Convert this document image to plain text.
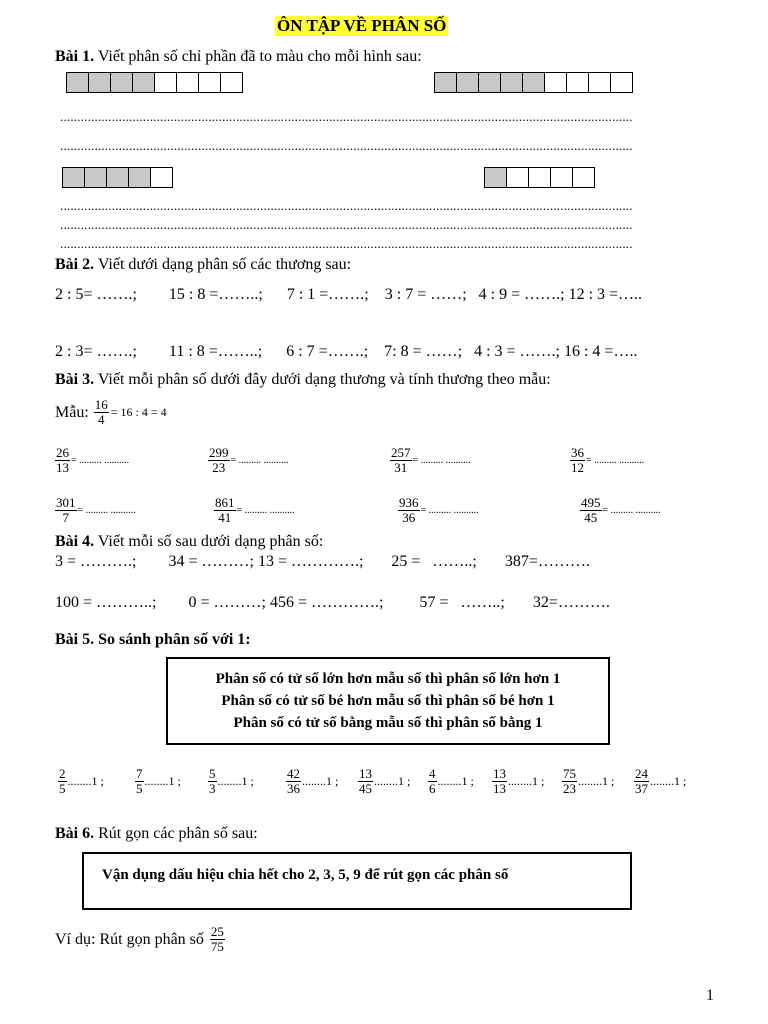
ÔN TẬP VỀ PHÂN SỐ
Bài 1. Viết phân số chỉ phần đã to màu cho mỗi hình sau:
......................................................................................................................................................................
......................................................................................................................................................................
......................................................................................................................................................................
......................................................................................................................................................................
......................................................................................................................................................................
Bài 2. Viết dưới dạng phân số các thương sau:
2 : 5= …….;        15 : 8 =……..;      7 : 1 =…….;    3 : 7 = ……;   4 : 9 = …….; 12 : 3 =…..
2 : 3= …….;        11 : 8 =……..;      6 : 7 =…….;    7: 8 = ……;   4 : 3 = …….; 16 : 4 =…..
Bài 3. Viết mỗi phân số dưới đây dưới dạng thương và tính thương theo mẫu:
Mẫu: $\frac{16}{4} = 16$ : 4 = 4
$\frac{26}{13}$ = ......... ..........	$\frac{299}{23}$ = ......... ..........	$\frac{257}{31}$ = ......... ..........	$\frac{36}{12}$ = ......... ..........
$\frac{301}{7}$ = ......... ..........	$\frac{861}{41}$ = ......... ..........	$\frac{936}{36}$ = ......... ..........	$\frac{495}{45}$ = ......... ..........
Bài 4. Viết mỗi số sau dưới dạng phân số:
3 = ……….;        34 = ………; 13 = ………….;       25 =   ……..;       387=……….
100 = ………..;        0 = ………; 456 = ………….;         57 =   ……..;       32=……….
Bài 5. So sánh phân số với 1:
Phân số có tử số lớn hơn mẫu số thì phân số lớn hơn 1
Phân số có tử số bé hơn mẫu số thì phân số bé hơn 1
Phân số có tử số bằng mẫu số thì phân số bằng 1
$\frac{2}{5} ........1$ ; $\frac{7}{5} ........1$ ; $\frac{5}{3} ........1$ ; $\frac{42}{36} ........1$ ; $\frac{13}{45} ........1$ ; $\frac{4}{6} ........1$ ; $\frac{13}{13} ........1$ ; $\frac{75}{23} ........1$ ; $\frac{24}{37} ........1$ ;
Bài 6. Rút gọn các phân số sau:
Vận dụng dấu hiệu chia hết cho 2, 3, 5, 9 để rút gọn các phân số
Ví dụ: Rút gọn phân số $\frac{25}{75}$
1
